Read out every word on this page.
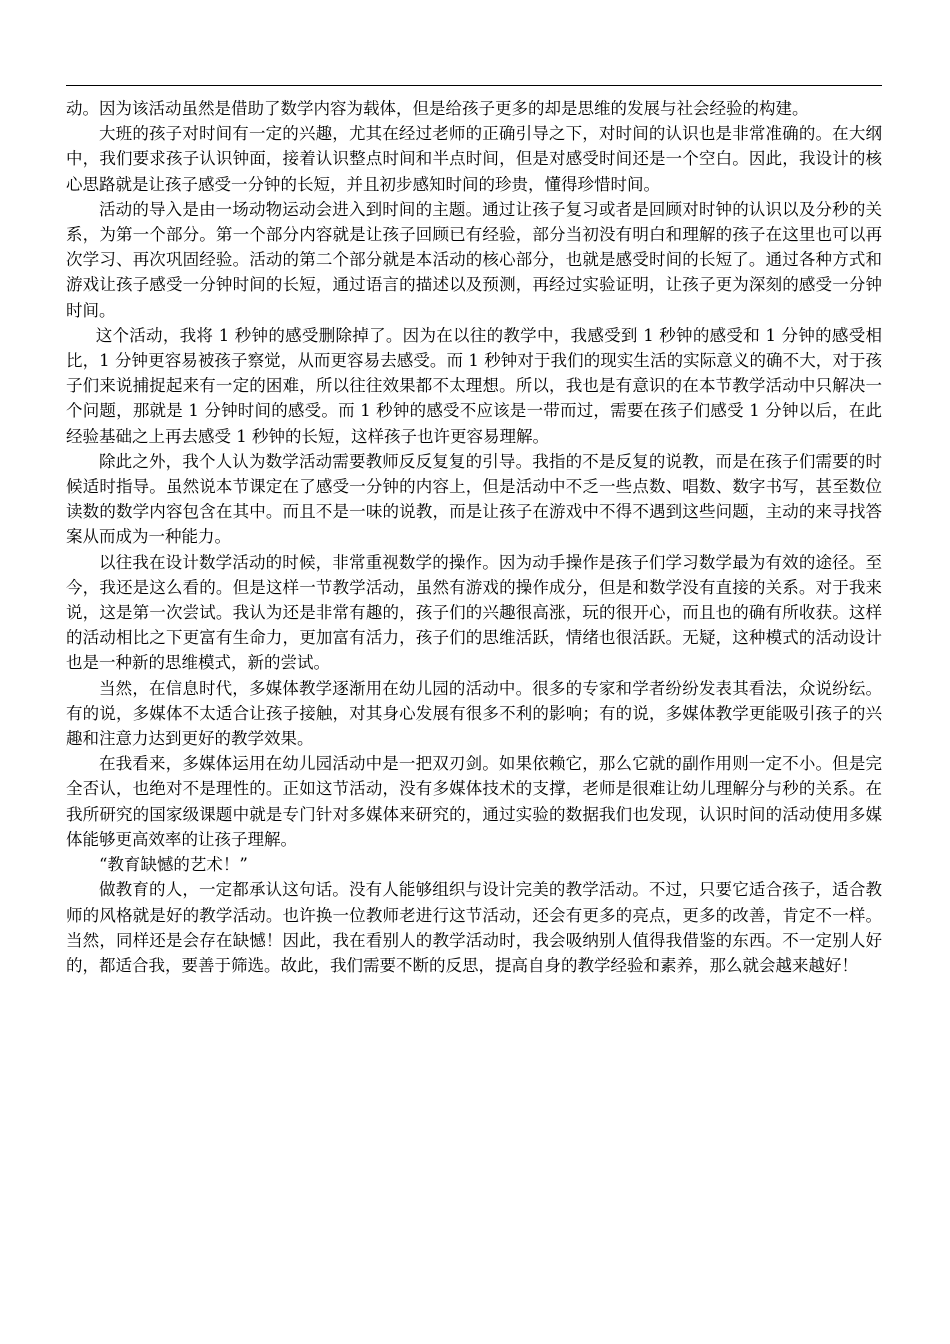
动。因为该活动虽然是借助了数学内容为载体，但是给孩子更多的却是思维的发展与社会经验的构建。

大班的孩子对时间有一定的兴趣，尤其在经过老师的正确引导之下，对时间的认识也是非常准确的。在大纲中，我们要求孩子认识钟面，接着认识整点时间和半点时间，但是对感受时间还是一个空白。因此，我设计的核心思路就是让孩子感受一分钟的长短，并且初步感知时间的珍贵，懂得珍惜时间。

活动的导入是由一场动物运动会进入到时间的主题。通过让孩子复习或者是回顾对时钟的认识以及分秒的关系，为第一个部分。第一个部分内容就是让孩子回顾已有经验，部分当初没有明白和理解的孩子在这里也可以再次学习、再次巩固经验。活动的第二个部分就是本活动的核心部分，也就是感受时间的长短了。通过各种方式和游戏让孩子感受一分钟时间的长短，通过语言的描述以及预测，再经过实验证明，让孩子更为深刻的感受一分钟时间。

这个活动，我将 1 秒钟的感受删除掉了。因为在以往的教学中，我感受到 1 秒钟的感受和 1 分钟的感受相比，1 分钟更容易被孩子察觉，从而更容易去感受。而 1 秒钟对于我们的现实生活的实际意义的确不大，对于孩子们来说捕捉起来有一定的困难，所以往往效果都不太理想。所以，我也是有意识的在本节教学活动中只解决一个问题，那就是 1 分钟时间的感受。而 1 秒钟的感受不应该是一带而过，需要在孩子们感受 1 分钟以后，在此经验基础之上再去感受 1 秒钟的长短，这样孩子也许更容易理解。

除此之外，我个人认为数学活动需要教师反反复复的引导。我指的不是反复的说教，而是在孩子们需要的时候适时指导。虽然说本节课定在了感受一分钟的内容上，但是活动中不乏一些点数、唱数、数字书写，甚至数位读数的数学内容包含在其中。而且不是一味的说教，而是让孩子在游戏中不得不遇到这些问题，主动的来寻找答案从而成为一种能力。

以往我在设计数学活动的时候，非常重视数学的操作。因为动手操作是孩子们学习数学最为有效的途径。至今，我还是这么看的。但是这样一节教学活动，虽然有游戏的操作成分，但是和数学没有直接的关系。对于我来说，这是第一次尝试。我认为还是非常有趣的，孩子们的兴趣很高涨，玩的很开心，而且也的确有所收获。这样的活动相比之下更富有生命力，更加富有活力，孩子们的思维活跃，情绪也很活跃。无疑，这种模式的活动设计也是一种新的思维模式，新的尝试。

当然，在信息时代，多媒体教学逐渐用在幼儿园的活动中。很多的专家和学者纷纷发表其看法，众说纷纭。有的说，多媒体不太适合让孩子接触，对其身心发展有很多不利的影响；有的说，多媒体教学更能吸引孩子的兴趣和注意力达到更好的教学效果。

在我看来，多媒体运用在幼儿园活动中是一把双刃剑。如果依赖它，那么它就的副作用则一定不小。但是完全否认，也绝对不是理性的。正如这节活动，没有多媒体技术的支撑，老师是很难让幼儿理解分与秒的关系。在我所研究的国家级课题中就是专门针对多媒体来研究的，通过实验的数据我们也发现，认识时间的活动使用多媒体能够更高效率的让孩子理解。

“教育缺憾的艺术！”

做教育的人，一定都承认这句话。没有人能够组织与设计完美的教学活动。不过，只要它适合孩子，适合教师的风格就是好的教学活动。也许换一位教师老进行这节活动，还会有更多的亮点，更多的改善，肯定不一样。当然，同样还是会存在缺憾！因此，我在看别人的教学活动时，我会吸纳别人值得我借鉴的东西。不一定别人好的，都适合我，要善于筛选。故此，我们需要不断的反思，提高自身的教学经验和素养，那么就会越来越好！
